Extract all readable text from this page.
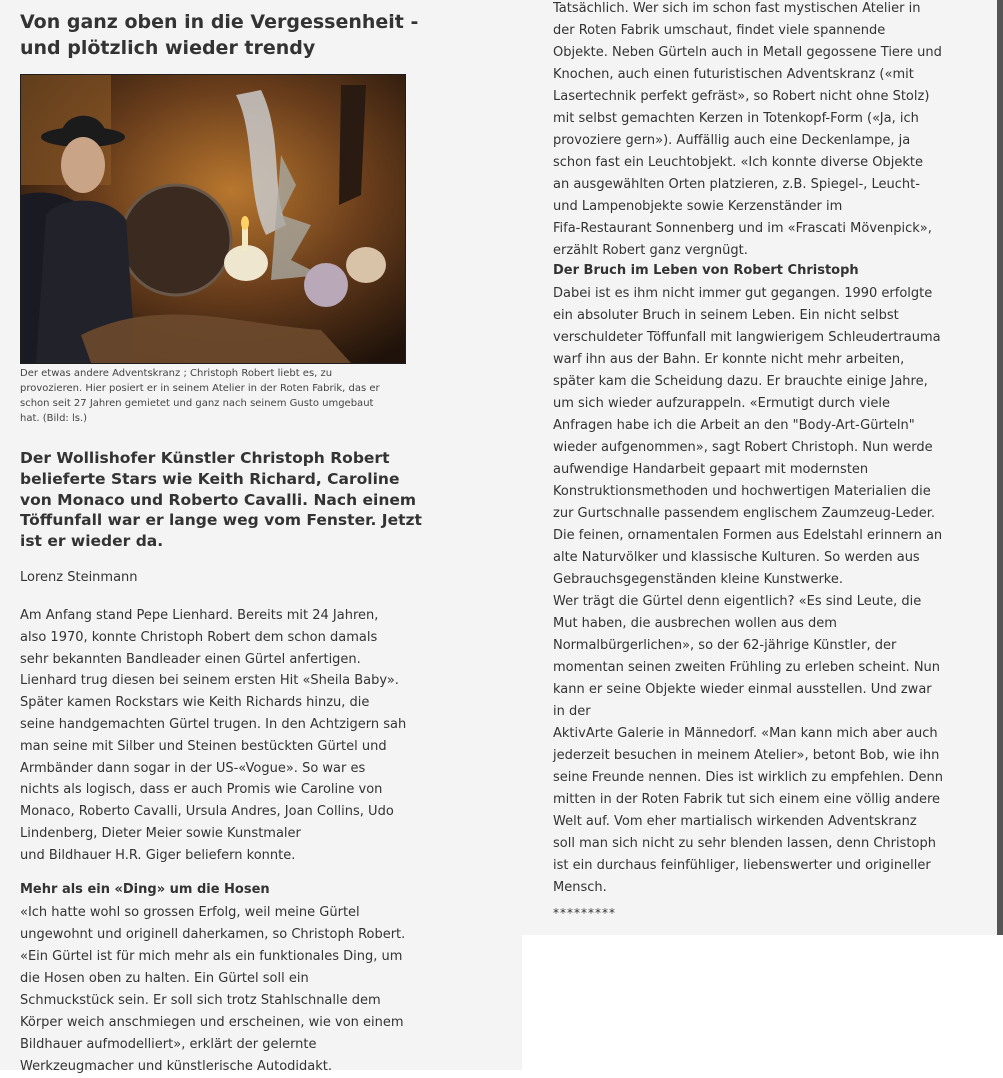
Von ganz oben in die Vergessenheit -
und plötzlich wieder trendy
Der etwas andere Adventskranz ; Christoph Robert liebt es, zu
provozieren. Hier posiert er in seinem Atelier in der Roten Fabrik, das er
schon seit 27 Jahren gemietet und ganz nach seinem Gusto umgebaut
hat. (Bild: ls.)
Der Wollishofer Künstler Christoph Robert
belieferte Stars wie Keith Richard, Caroline
von Monaco und Roberto Cavalli. Nach einem
Töffunfall war er lange weg vom Fenster. Jetzt
ist er wieder da.
Lorenz Steinmann
Am Anfang stand Pepe Lienhard. Bereits mit 24 Jahren,
also 1970, konnte Christoph Robert dem schon damals
sehr bekannten Bandleader einen Gürtel anfertigen.
Lienhard trug diesen bei seinem ersten Hit «Sheila Baby».
Später kamen Rockstars wie Keith Richards hinzu, die
seine handgemachten Gürtel trugen. In den Achtzigern sah
man seine mit Silber und Steinen bestückten Gürtel und
Armbänder dann sogar in der US-«Vogue». So war es
nichts als logisch, dass er auch Promis wie Caroline von
Monaco, Roberto Cavalli, Ursula Andres, Joan Collins, Udo
Lindenberg, Dieter Meier sowie Kunstmaler
und Bildhauer H.R. Giger beliefern konnte.
Mehr als ein «Ding» um die Hosen
«Ich hatte wohl so grossen Erfolg, weil meine Gürtel
ungewohnt und originell daherkamen, so Christoph Robert.
«Ein Gürtel ist für mich mehr als ein funktionales Ding, um
die Hosen oben zu halten. Ein Gürtel soll ein
Schmuckstück sein. Er soll sich trotz Stahlschnalle dem
Körper weich anschmiegen und erscheinen, wie von einem
Bildhauer aufmodelliert», erklärt der gelernte
Werkzeugmacher und künstlerische Autodidakt.
Tatsächlich. Wer sich im schon fast mystischen Atelier in
der Roten Fabrik umschaut, findet viele spannende
Objekte. Neben Gürteln auch in Metall gegossene Tiere und
Knochen, auch einen futuristischen Adventskranz («mit
Lasertechnik perfekt gefräst», so Robert nicht ohne Stolz)
mit selbst gemachten Kerzen in Totenkopf-Form («Ja, ich
provoziere gern»). Auffällig auch eine Deckenlampe, ja
schon fast ein Leuchtobjekt. «Ich konnte diverse Objekte
an ausgewählten Orten platzieren, z.B. Spiegel-, Leucht-
und Lampenobjekte sowie Kerzenständer im
Fifa-Restaurant Sonnenberg und im «Frascati Mövenpick»,
erzählt Robert ganz vergnügt.
Der Bruch im Leben von Robert Christoph
Dabei ist es ihm nicht immer gut gegangen. 1990 erfolgte
ein absoluter Bruch in seinem Leben. Ein nicht selbst
verschuldeter Töffunfall mit langwierigem Schleudertrauma
warf ihn aus der Bahn. Er konnte nicht mehr arbeiten,
später kam die Scheidung dazu. Er brauchte einige Jahre,
um sich wieder aufzurappeln. «Ermutigt durch viele
Anfragen habe ich die Arbeit an den "Body-Art-Gürteln"
wieder aufgenommen», sagt Robert Christoph. Nun werde
aufwendige Handarbeit gepaart mit modernsten
Konstruktionsmethoden und hochwertigen Materialien die
zur Gurtschnalle passendem englischem Zaumzeug-Leder.
Die feinen, ornamentalen Formen aus Edelstahl erinnern an
alte Naturvölker und klassische Kulturen. So werden aus
Gebrauchsgegenständen kleine Kunstwerke.
Wer trägt die Gürtel denn eigentlich? «Es sind Leute, die
Mut haben, die ausbrechen wollen aus dem
Normalbürgerlichen», so der 62-jährige Künstler, der
momentan seinen zweiten Frühling zu erleben scheint. Nun
kann er seine Objekte wieder einmal ausstellen. Und zwar
in der
AktivArte Galerie in Männedorf. «Man kann mich aber auch
jederzeit besuchen in meinem Atelier», betont Bob, wie ihn
seine Freunde nennen. Dies ist wirklich zu empfehlen. Denn
mitten in der Roten Fabrik tut sich einem eine völlig andere
Welt auf. Vom eher martialisch wirkenden Adventskranz
soll man sich nicht zu sehr blenden lassen, denn Christoph
ist ein durchaus feinfühliger, liebenswerter und origineller
Mensch.
*********
